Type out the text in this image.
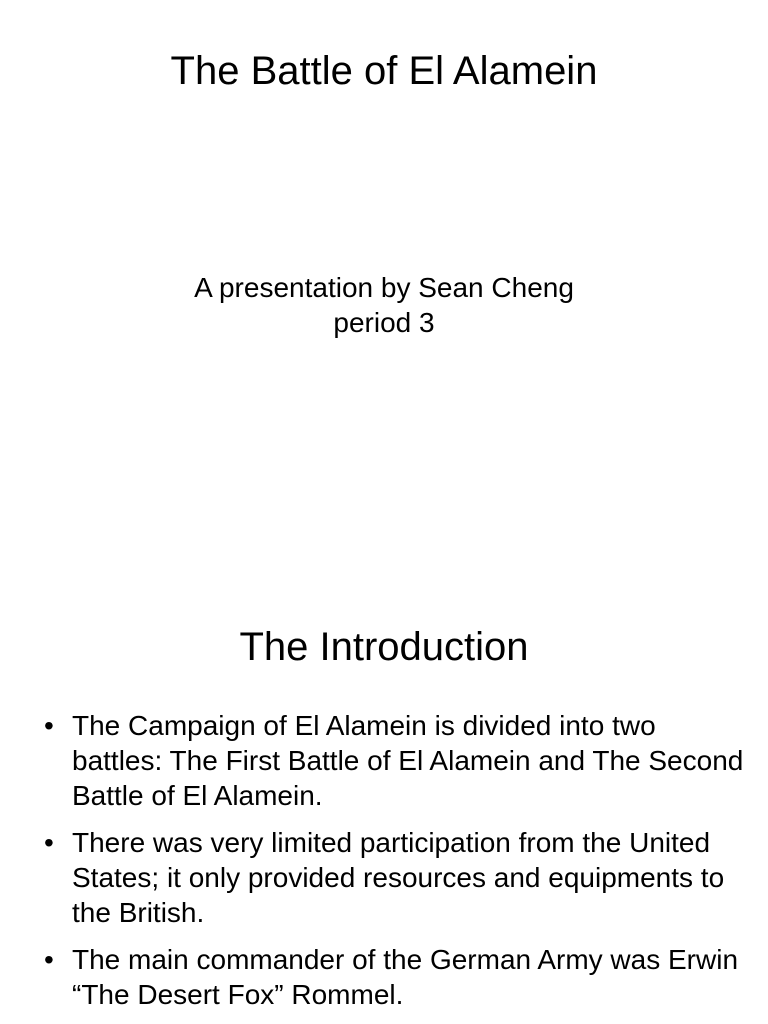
The Battle of El Alamein
A presentation by Sean Cheng
period 3
The Introduction
• The Campaign of El Alamein is divided into two battles: The First Battle of El Alamein and The Second Battle of El Alamein.
• There was very limited participation from the United States; it only provided resources and equipments to the British.
• The main commander of the German Army was Erwin “The Desert Fox” Rommel.
